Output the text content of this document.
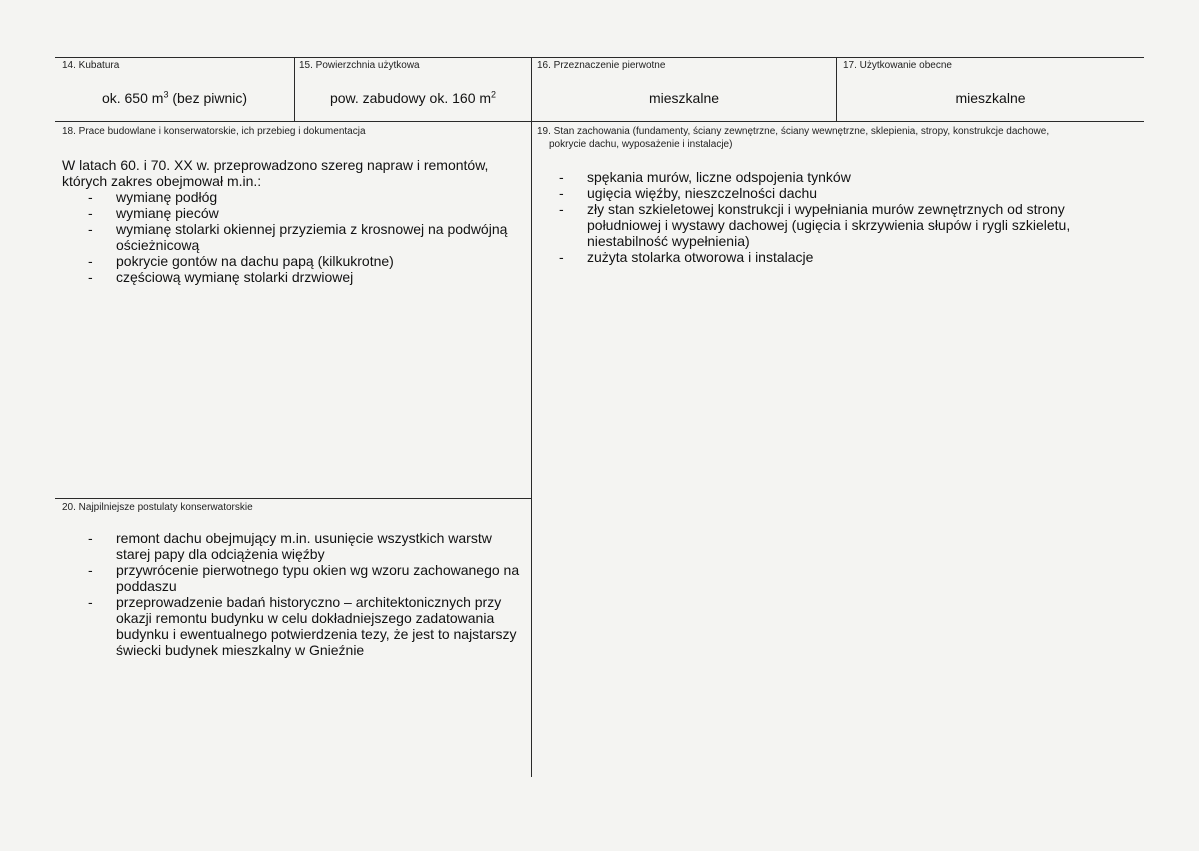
14. Kubatura
ok. 650 $m^3$ (bez piwnic)
15. Powierzchnia użytkowa
pow. zabudowy ok. 160 $m^2$
16. Przeznaczenie pierwotne
mieszkalne
17. Użytkowanie obecne
mieszkalne
18. Prace budowlane i konserwatorskie, ich przebieg i dokumentacja
W latach 60. i 70. XX w. przeprowadzono szereg napraw i remontów, których zakres obejmował m.in.:
- wymianę podłóg
- wymianę pieców
- wymianę stolarki okiennej przyziemia z krosnowej na podwójną ościeżnicową
- pokrycie gontów na dachu papą (kilkukrotne)
- częściową wymianę stolarki drzwiowej
19. Stan zachowania (fundamenty, ściany zewnętrzne, ściany wewnętrzne, sklepienia, stropy, konstrukcje dachowe,
pokrycie dachu, wyposażenie i instalacje)
- spękania murów, liczne odspojenia tynków
- ugięcia więźby, nieszczelności dachu
- zły stan szkieletowej konstrukcji i wypełniania murów zewnętrznych od strony południowej i wystawy dachowej (ugięcia i skrzywienia słupów i rygli szkieletu, niestabilność wypełnienia)
- zużyta stolarka otworowa i instalacje
20. Najpilniejsze postulaty konserwatorskie
- remont dachu obejmujący m.in. usunięcie wszystkich warstw starej papy dla odciążenia więźby
- przywrócenie pierwotnego typu okien wg wzoru zachowanego na poddaszu
- przeprowadzenie badań historyczno – architektonicznych przy okazji remontu budynku w celu dokładniejszego zadatowania budynku i ewentualnego potwierdzenia tezy, że jest to najstarszy świecki budynek mieszkalny w Gnieźnie
